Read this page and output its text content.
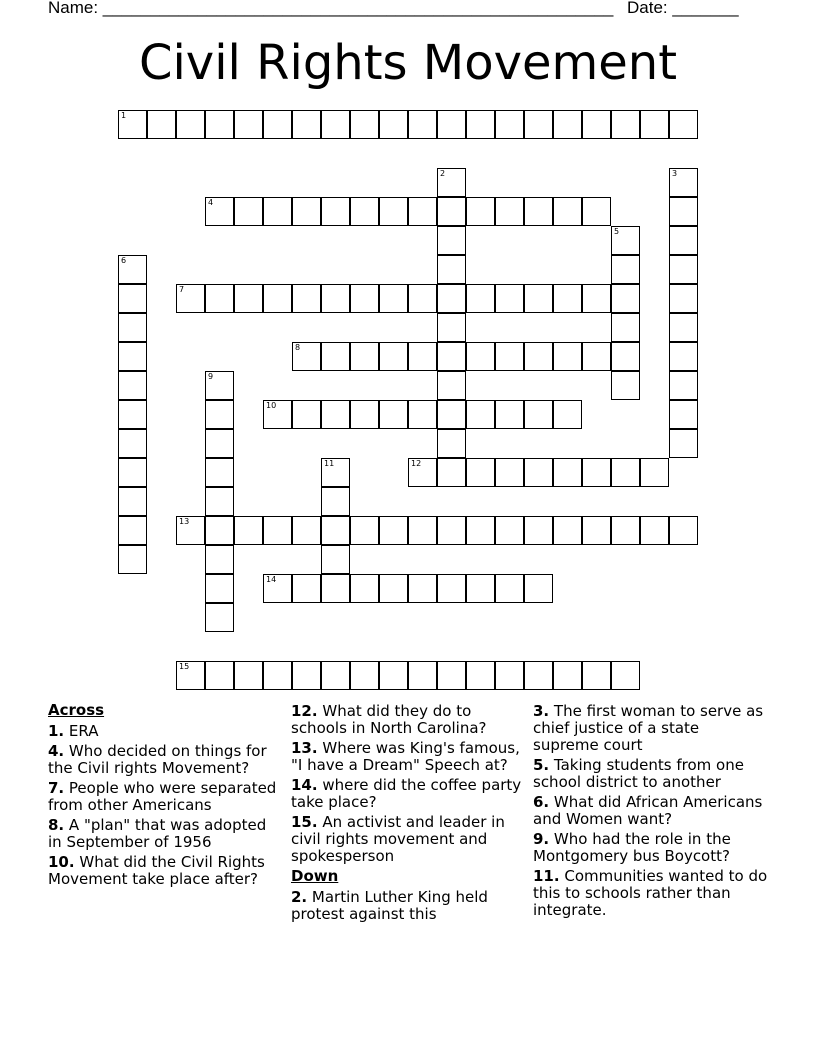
Name: ______________________________________________________ Date: _______
Civil Rights Movement
1
2	3
4
5
6
7
8
9
10
11	12
13
14
15
Across
1. ERA
4. Who decided on things for the Civil rights Movement?
7. People who were separated from other Americans
8. A "plan" that was adopted in September of 1956
10. What did the Civil Rights Movement take place after?
12. What did they do to schools in North Carolina?
13. Where was King's famous, "I have a Dream" Speech at?
14. where did the coffee party take place?
15. An activist and leader in civil rights movement and spokesperson
Down
2. Martin Luther King held protest against this
3. The first woman to serve as chief justice of a state supreme court
5. Taking students from one school district to another
6. What did African Americans and Women want?
9. Who had the role in the Montgomery bus Boycott?
11. Communities wanted to do this to schools rather than integrate.
